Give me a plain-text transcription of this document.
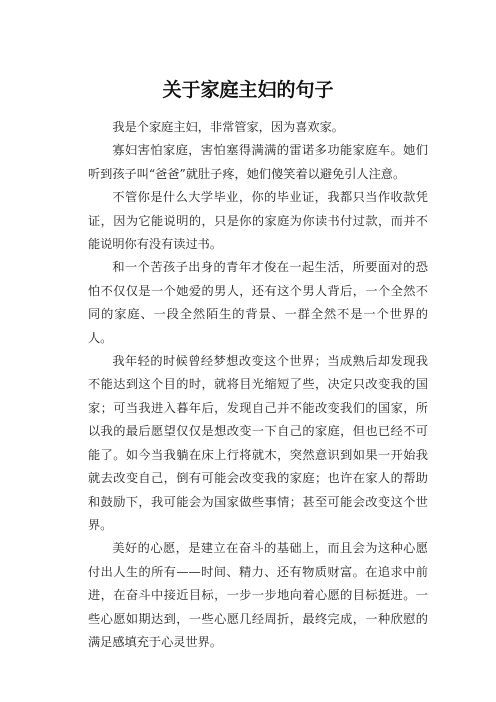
关于家庭主妇的句子

我是个家庭主妇，非常管家，因为喜欢家。

寡妇害怕家庭，害怕塞得满满的雷诺多功能家庭车。她们听到孩子叫“爸爸”就肚子疼，她们傻笑着以避免引人注意。

不管你是什么大学毕业，你的毕业证，我都只当作收款凭证，因为它能说明的，只是你的家庭为你读书付过款，而并不能说明你有没有读过书。

和一个苦孩子出身的青年才俊在一起生活，所要面对的恐怕不仅仅是一个她爱的男人，还有这个男人背后，一个全然不同的家庭、一段全然陌生的背景、一群全然不是一个世界的人。

我年轻的时候曾经梦想改变这个世界；当成熟后却发现我不能达到这个目的时，就将目光缩短了些，决定只改变我的国家；可当我进入暮年后，发现自己并不能改变我们的国家，所以我的最后愿望仅仅是想改变一下自己的家庭，但也已经不可能了。如今当我躺在床上行将就木，突然意识到如果一开始我就去改变自己，倒有可能会改变我的家庭；也许在家人的帮助和鼓励下，我可能会为国家做些事情；甚至可能会改变这个世界。

美好的心愿，是建立在奋斗的基础上，而且会为这种心愿付出人生的所有——时间、精力、还有物质财富。在追求中前进，在奋斗中接近目标，一步一步地向着心愿的目标挺进。一些心愿如期达到，一些心愿几经周折，最终完成，一种欣慰的满足感填充于心灵世界。
